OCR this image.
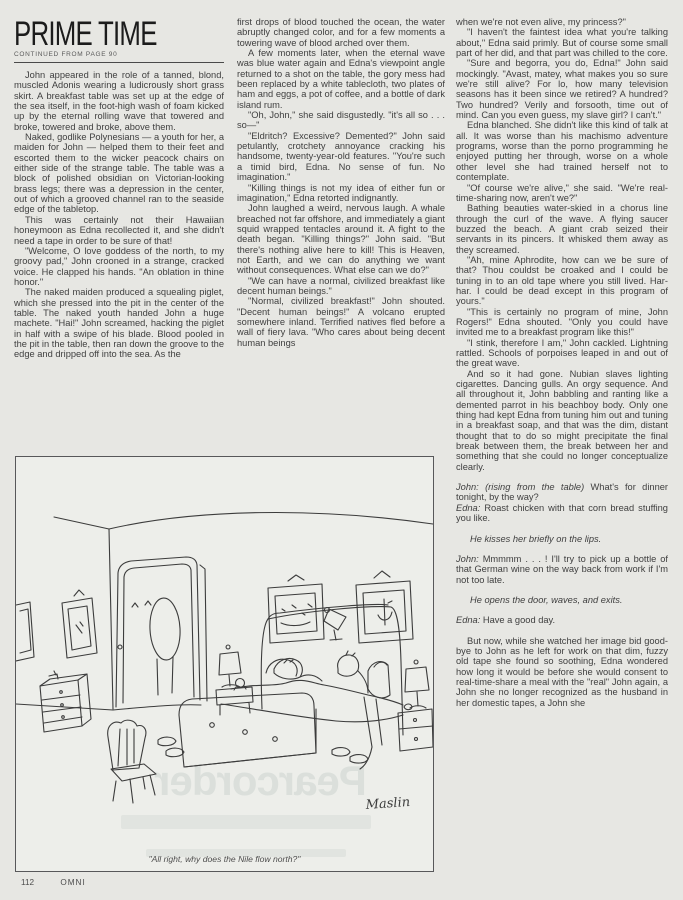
PRIME TIME
CONTINUED FROM PAGE 90

John appeared in the role of a tanned, blond, muscled Adonis wearing a ludicrously short grass skirt. A breakfast table was set up at the edge of the sea itself, in the foot-high wash of foam kicked up by the eternal rolling wave that towered and broke, towered and broke, above them.

Naked, godlike Polynesians — a youth for her, a maiden for John — helped them to their feet and escorted them to the wicker peacock chairs on either side of the strange table. The table was a block of polished obsidian on Victorian-looking brass legs; there was a depression in the center, out of which a grooved channel ran to the seaside edge of the tabletop.

This was certainly not their Hawaiian honeymoon as Edna recollected it, and she didn't need a tape in order to be sure of that!

"Welcome, O love goddess of the north, to my groovy pad," John crooned in a strange, cracked voice. He clapped his hands. "An oblation in thine honor."

The naked maiden produced a squealing piglet, which she pressed into the pit in the center of the table. The naked youth handed John a huge machete. "Hai!" John screamed, hacking the piglet in half with a swipe of his blade. Blood pooled in the pit in the table, then ran down the groove to the edge and dripped off into the sea. As the

first drops of blood touched the ocean, the water abruptly changed color, and for a few moments a towering wave of blood arched over them.

A few moments later, when the eternal wave was blue water again and Edna's viewpoint angle returned to a shot on the table, the gory mess had been replaced by a white tablecloth, two plates of ham and eggs, a pot of coffee, and a bottle of dark island rum.

"Oh, John," she said disgustedly. "it's all so . . . so—"

"Eldritch? Excessive? Demented?" John said petulantly, crotchety annoyance cracking his handsome, twenty-year-old features. "You're such a timid bird, Edna. No sense of fun. No imagination."

"Killing things is not my idea of either fun or imagination," Edna retorted indignantly.

John laughed a weird, nervous laugh. A whale breached not far offshore, and immediately a giant squid wrapped tentacles around it. A fight to the death began. "Killing things?" John said. "But there's nothing alive here to kill! This is Heaven, not Earth, and we can do anything we want without consequences. What else can we do?"

"We can have a normal, civilized breakfast like decent human beings."

"Normal, civilized breakfast!" John shouted. "Decent human beings!" A volcano erupted somewhere inland. Terrified natives fled before a wall of fiery lava. "Who cares about being decent human beings

when we're not even alive, my princess?"

"I haven't the faintest idea what you're talking about," Edna said primly. But of course some small part of her did, and that part was chilled to the core.

"Sure and begorra, you do, Edna!" John said mockingly. "Avast, matey, what makes you so sure we're still alive? For lo, how many television seasons has it been since we retired? A hundred? Two hundred? Verily and forsooth, time out of mind. Can you even guess, my slave girl? I can't."

Edna blanched. She didn't like this kind of talk at all. It was worse than his machismo adventure programs, worse than the porno programming he enjoyed putting her through, worse on a whole other level she had trained herself not to contemplate.

"Of course we're alive," she said. "We're real-time-sharing now, aren't we?"

Bathing beauties water-skied in a chorus line through the curl of the wave. A flying saucer buzzed the beach. A giant crab seized their servants in its pincers. It whisked them away as they screamed.

"Ah, mine Aphrodite, how can we be sure of that? Thou couldst be croaked and I could be tuning in to an old tape where you still lived. Har-har. I could be dead except in this program of yours."

"This is certainly no program of mine, John Rogers!" Edna shouted. "Only you could have invited me to a breakfast program like this!"

"I stink, therefore I am," John cackled. Lightning rattled. Schools of porpoises leaped in and out of the great wave.

And so it had gone. Nubian slaves lighting cigarettes. Dancing gulls. An orgy sequence. And all throughout it, John babbling and ranting like a demented parrot in his beachboy body. Only one thing had kept Edna from tuning him out and tuning in a breakfast soap, and that was the dim, distant thought that to do so might precipitate the final break between them, the break between her and something that she could no longer conceptualize clearly.

John: (rising from the table) What's for dinner tonight, by the way?

Edna: Roast chicken with that corn bread stuffing you like.

He kisses her briefly on the lips.

John: Mmmmm . . . ! I'll try to pick up a bottle of that German wine on the way back from work if I'm not too late.

He opens the door, waves, and exits.

Edna: Have a good day.

But now, while she watched her image bid good-bye to John as he left for work on that dim, fuzzy old tape she found so soothing, Edna wondered how long it would be before she would consent to real-time-share a meal with the "real" John again, a John she no longer recognized as the husband in her domestic tapes, a John she

Pearcorder
Maslin
"All right, why does the Nile flow north?"
112	OMNI
